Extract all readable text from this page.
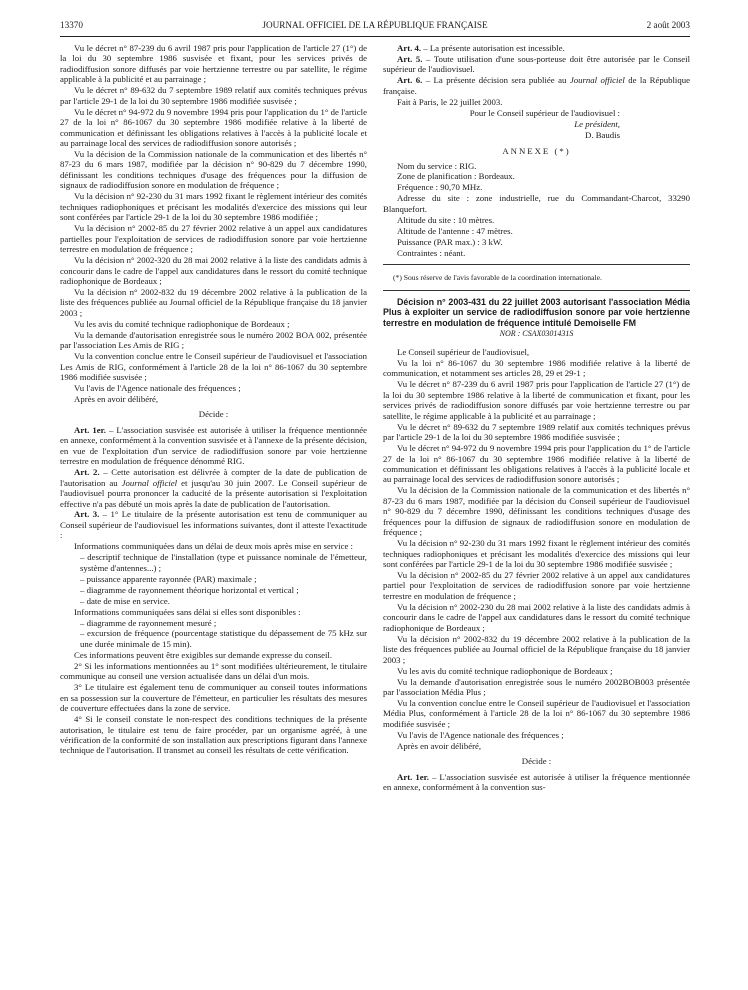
13370	JOURNAL OFFICIEL DE LA RÉPUBLIQUE FRANÇAISE	2 août 2003

Vu le décret n° 87-239 du 6 avril 1987 pris pour l'application de l'article 27 (1°) de la loi du 30 septembre 1986 susvisée et fixant, pour les services privés de radiodiffusion sonore diffusés par voie hertzienne terrestre ou par satellite, le régime applicable à la publicité et au parrainage ;

Vu le décret n° 89-632 du 7 septembre 1989 relatif aux comités techniques prévus par l'article 29-1 de la loi du 30 septembre 1986 modifiée susvisée ;

Vu le décret n° 94-972 du 9 novembre 1994 pris pour l'application du 1° de l'article 27 de la loi n° 86-1067 du 30 septembre 1986 modifiée relative à la liberté de communication et définissant les obligations relatives à l'accès à la publicité locale et au parrainage local des services de radiodiffusion sonore autorisés ;

Vu la décision de la Commission nationale de la communication et des libertés n° 87-23 du 6 mars 1987, modifiée par la décision n° 90-829 du 7 décembre 1990, définissant les conditions techniques d'usage des fréquences pour la diffusion de signaux de radiodiffusion sonore en modulation de fréquence ;

Vu la décision n° 92-230 du 31 mars 1992 fixant le règlement intérieur des comités techniques radiophoniques et précisant les modalités d'exercice des missions qui leur sont conférées par l'article 29-1 de la loi du 30 septembre 1986 modifiée ;

Vu la décision n° 2002-85 du 27 février 2002 relative à un appel aux candidatures partielles pour l'exploitation de services de radiodiffusion sonore par voie hertzienne terrestre en modulation de fréquence ;

Vu la décision n° 2002-320 du 28 mai 2002 relative à la liste des candidats admis à concourir dans le cadre de l'appel aux candidatures dans le ressort du comité technique radiophonique de Bordeaux ;

Vu la décision n° 2002-832 du 19 décembre 2002 relative à la publication de la liste des fréquences publiée au Journal officiel de la République française du 18 janvier 2003 ;

Vu les avis du comité technique radiophonique de Bordeaux ;

Vu la demande d'autorisation enregistrée sous le numéro 2002 BOA 002, présentée par l'association Les Amis de RIG ;

Vu la convention conclue entre le Conseil supérieur de l'audiovisuel et l'association Les Amis de RIG, conformément à l'article 28 de la loi n° 86-1067 du 30 septembre 1986 modifiée susvisée ;

Vu l'avis de l'Agence nationale des fréquences ;

Après en avoir délibéré,

Décide :

Art. 1er. – L'association susvisée est autorisée à utiliser la fréquence mentionnée en annexe, conformément à la convention susvisée et à l'annexe de la présente décision, en vue de l'exploitation d'un service de radiodiffusion sonore par voie hertzienne terrestre en modulation de fréquence dénommé RIG.

Art. 2. – Cette autorisation est délivrée à compter de la date de publication de l'autorisation au Journal officiel et jusqu'au 30 juin 2007. Le Conseil supérieur de l'audiovisuel pourra prononcer la caducité de la présente autorisation si l'exploitation effective n'a pas débuté un mois après la date de publication de l'autorisation.

Art. 3. – 1° Le titulaire de la présente autorisation est tenu de communiquer au Conseil supérieur de l'audiovisuel les informations suivantes, dont il atteste l'exactitude :

Informations communiquées dans un délai de deux mois après mise en service :

– descriptif technique de l'installation (type et puissance nominale de l'émetteur, système d'antennes...) ;

– puissance apparente rayonnée (PAR) maximale ;

– diagramme de rayonnement théorique horizontal et vertical ;

– date de mise en service.

Informations communiquées sans délai si elles sont disponibles :

– diagramme de rayonnement mesuré ;

– excursion de fréquence (pourcentage statistique du dépassement de 75 kHz sur une durée minimale de 15 min).

Ces informations peuvent être exigibles sur demande expresse du conseil.

2° Si les informations mentionnées au 1° sont modifiées ultérieurement, le titulaire communique au conseil une version actualisée dans un délai d'un mois.

3° Le titulaire est également tenu de communiquer au conseil toutes informations en sa possession sur la couverture de l'émetteur, en particulier les résultats des mesures de couverture effectuées dans la zone de service.

4° Si le conseil constate le non-respect des conditions techniques de la présente autorisation, le titulaire est tenu de faire procéder, par un organisme agréé, à une vérification de la conformité de son installation aux prescriptions figurant dans l'annexe technique de l'autorisation. Il transmet au conseil les résultats de cette vérification.

Art. 4. – La présente autorisation est incessible.

Art. 5. – Toute utilisation d'une sous-porteuse doit être autorisée par le Conseil supérieur de l'audiovisuel.

Art. 6. – La présente décision sera publiée au Journal officiel de la République française.

Fait à Paris, le 22 juillet 2003.

Pour le Conseil supérieur de l'audiovisuel :

Le président,

D. Baudis

ANNEXE (*)

Nom du service : RIG.

Zone de planification : Bordeaux.

Fréquence : 90,70 MHz.

Adresse du site : zone industrielle, rue du Commandant-Charcot, 33290 Blanquefort.

Altitude du site : 10 mètres.

Altitude de l'antenne : 47 mètres.

Puissance (PAR max.) : 3 kW.

Contraintes : néant.

(*) Sous réserve de l'avis favorable de la coordination internationale.

Décision n° 2003-431 du 22 juillet 2003 autorisant l'association Média Plus à exploiter un service de radiodiffusion sonore par voie hertzienne terrestre en modulation de fréquence intitulé Demoiselle FM

NOR : CSAX0301431S

Le Conseil supérieur de l'audiovisuel,

Vu la loi n° 86-1067 du 30 septembre 1986 modifiée relative à la liberté de communication, et notamment ses articles 28, 29 et 29-1 ;

Vu le décret n° 87-239 du 6 avril 1987 pris pour l'application de l'article 27 (1°) de la loi du 30 septembre 1986 relative à la liberté de communication et fixant, pour les services privés de radiodiffusion sonore diffusés par voie hertzienne terrestre ou par satellite, le régime applicable à la publicité et au parrainage ;

Vu le décret n° 89-632 du 7 septembre 1989 relatif aux comités techniques prévus par l'article 29-1 de la loi du 30 septembre 1986 modifiée susvisée ;

Vu le décret n° 94-972 du 9 novembre 1994 pris pour l'application du 1° de l'article 27 de la loi n° 86-1067 du 30 septembre 1986 modifiée relative à la liberté de communication et définissant les obligations relatives à l'accès à la publicité locale et au parrainage local des services de radiodiffusion sonore autorisés ;

Vu la décision de la Commission nationale de la communication et des libertés n° 87-23 du 6 mars 1987, modifiée par la décision du Conseil supérieur de l'audiovisuel n° 90-829 du 7 décembre 1990, définissant les conditions techniques d'usage des fréquences pour la diffusion de signaux de radiodiffusion sonore en modulation de fréquence ;

Vu la décision n° 92-230 du 31 mars 1992 fixant le règlement intérieur des comités techniques radiophoniques et précisant les modalités d'exercice des missions qui leur sont conférées par l'article 29-1 de la loi du 30 septembre 1986 modifiée susvisée ;

Vu la décision n° 2002-85 du 27 février 2002 relative à un appel aux candidatures partiel pour l'exploitation de services de radiodiffusion sonore par voie hertzienne terrestre en modulation de fréquence ;

Vu la décision n° 2002-230 du 28 mai 2002 relative à la liste des candidats admis à concourir dans le cadre de l'appel aux candidatures dans le ressort du comité technique radiophonique de Bordeaux ;

Vu la décision n° 2002-832 du 19 décembre 2002 relative à la publication de la liste des fréquences publiée au Journal officiel de la République française du 18 janvier 2003 ;

Vu les avis du comité technique radiophonique de Bordeaux ;

Vu la demande d'autorisation enregistrée sous le numéro 2002BOB003 présentée par l'association Média Plus ;

Vu la convention conclue entre le Conseil supérieur de l'audiovisuel et l'association Média Plus, conformément à l'article 28 de la loi n° 86-1067 du 30 septembre 1986 modifiée susvisée ;

Vu l'avis de l'Agence nationale des fréquences ;

Après en avoir délibéré,

Décide :

Art. 1er. – L'association susvisée est autorisée à utiliser la fréquence mentionnée en annexe, conformément à la convention sus-
